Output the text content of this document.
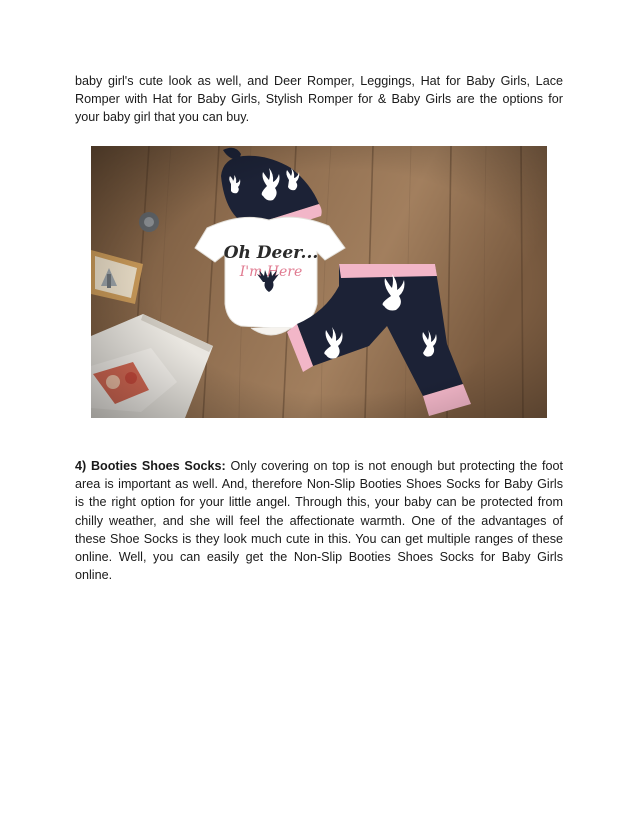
baby girl's cute look as well, and Deer Romper, Leggings, Hat for Baby Girls, Lace Romper with Hat for Baby Girls, Stylish Romper for & Baby Girls are the options for your baby girl that you can buy.

4) Booties Shoes Socks: Only covering on top is not enough but protecting the foot area is important as well. And, therefore Non-Slip Booties Shoes Socks for Baby Girls is the right option for your little angel. Through this, your baby can be protected from chilly weather, and she will feel the affectionate warmth. One of the advantages of these Shoe Socks is they look much cute in this. You can get multiple ranges of these online. Well, you can easily get the Non-Slip Booties Shoes Socks for Baby Girls online.
